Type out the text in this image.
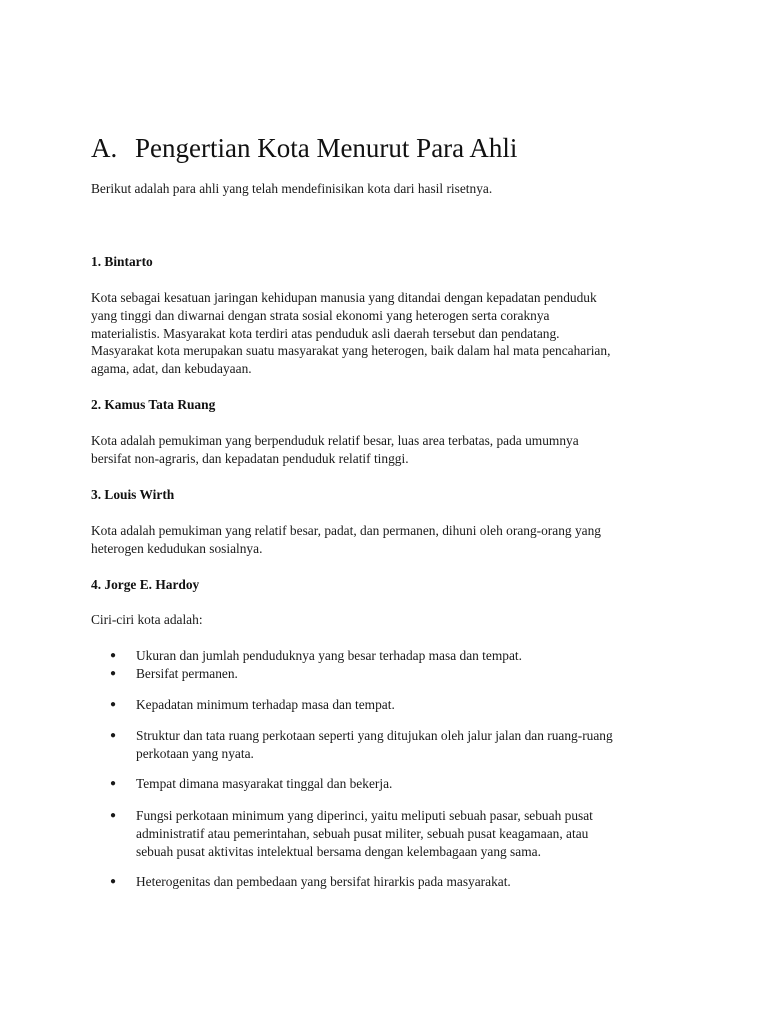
A. Pengertian Kota Menurut Para Ahli

Berikut adalah para ahli yang telah mendefinisikan kota dari hasil risetnya.

1. Bintarto

Kota sebagai kesatuan jaringan kehidupan manusia yang ditandai dengan kepadatan penduduk
yang tinggi dan diwarnai dengan strata sosial ekonomi yang heterogen serta coraknya
materialistis. Masyarakat kota terdiri atas penduduk asli daerah tersebut dan pendatang.
Masyarakat kota merupakan suatu masyarakat yang heterogen, baik dalam hal mata pencaharian,
agama, adat, dan kebudayaan.

2. Kamus Tata Ruang

Kota adalah pemukiman yang berpenduduk relatif besar, luas area terbatas, pada umumnya
bersifat non-agraris, dan kepadatan penduduk relatif tinggi.

3. Louis Wirth

Kota adalah pemukiman yang relatif besar, padat, dan permanen, dihuni oleh orang-orang yang
heterogen kedudukan sosialnya.

4. Jorge E. Hardoy

Ciri-ciri kota adalah:
● Ukuran dan jumlah penduduknya yang besar terhadap masa dan tempat.
● Bersifat permanen.
● Kepadatan minimum terhadap masa dan tempat.
● Struktur dan tata ruang perkotaan seperti yang ditujukan oleh jalur jalan dan ruang-ruang
perkotaan yang nyata.
● Tempat dimana masyarakat tinggal dan bekerja.
● Fungsi perkotaan minimum yang diperinci, yaitu meliputi sebuah pasar, sebuah pusat
administratif atau pemerintahan, sebuah pusat militer, sebuah pusat keagamaan, atau
sebuah pusat aktivitas intelektual bersama dengan kelembagaan yang sama.
● Heterogenitas dan pembedaan yang bersifat hirarkis pada masyarakat.
